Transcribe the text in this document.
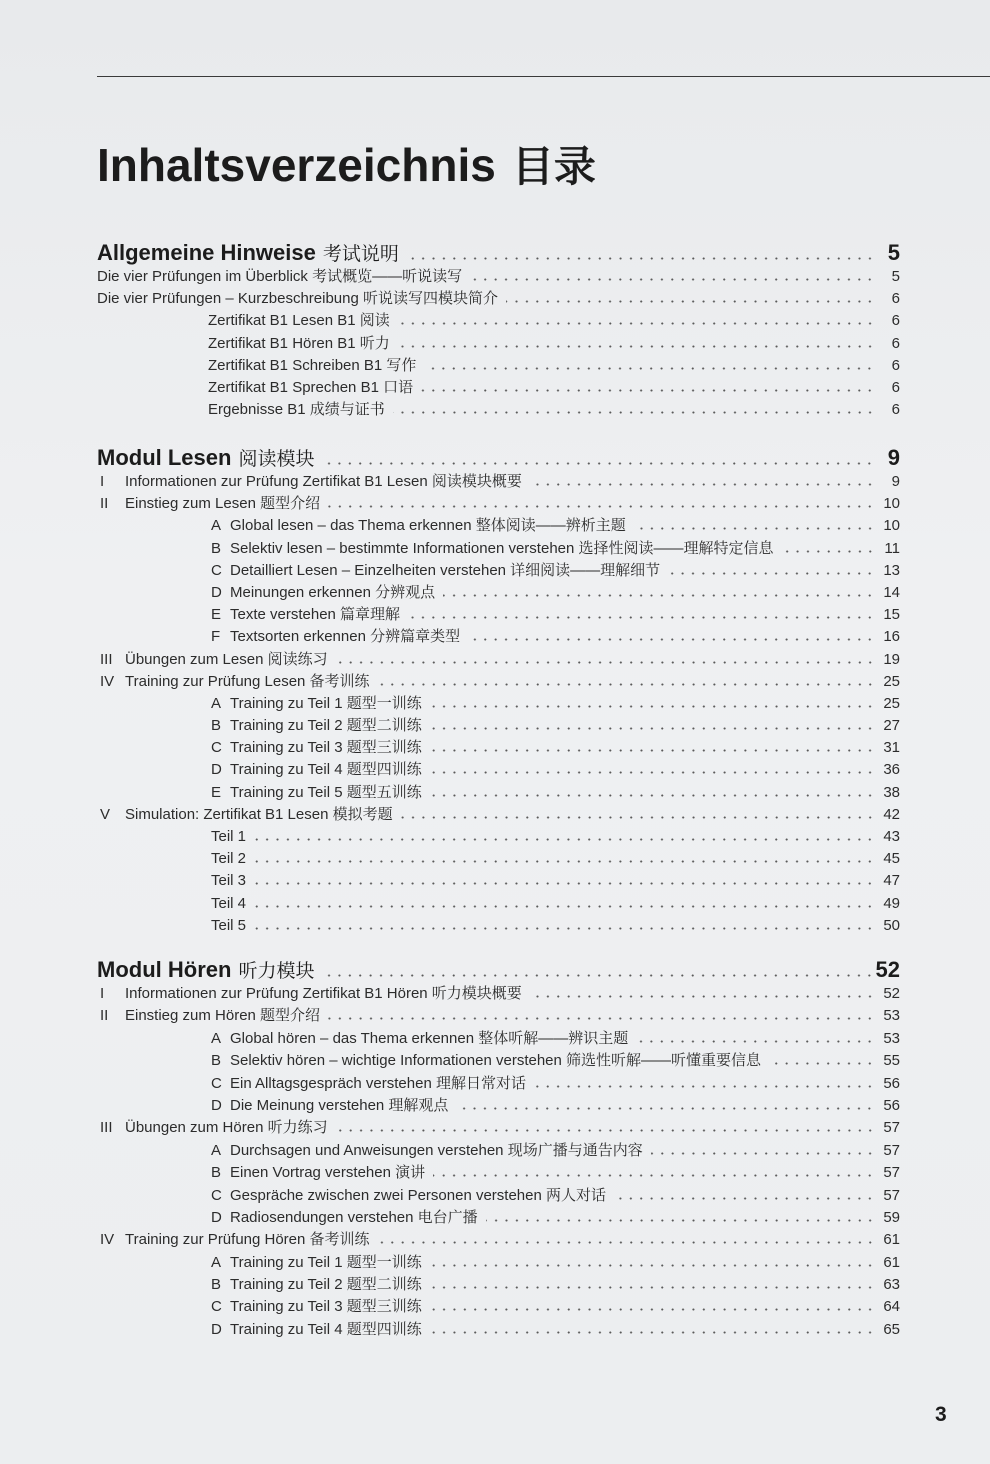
Inhaltsverzeichnis 目录
Allgemeine Hinweise 考试说明	5
Die vier Prüfungen im Überblick 考试概览——听说读写	5
Die vier Prüfungen – Kurzbeschreibung 听说读写四模块简介	6
Zertifikat B1 Lesen B1 阅读	6
Zertifikat B1 Hören B1 听力	6
Zertifikat B1 Schreiben B1 写作	6
Zertifikat B1 Sprechen B1 口语	6
Ergebnisse B1 成绩与证书	6
Modul Lesen 阅读模块	9
I	Informationen zur Prüfung Zertifikat B1 Lesen 阅读模块概要	9
II	Einstieg zum Lesen 题型介绍	10
A Global lesen – das Thema erkennen 整体阅读——辨析主题	10
B Selektiv lesen – bestimmte Informationen verstehen 选择性阅读——理解特定信息	11
C Detailliert Lesen – Einzelheiten verstehen 详细阅读——理解细节	13
D Meinungen erkennen 分辨观点	14
E Texte verstehen 篇章理解	15
F Textsorten erkennen 分辨篇章类型	16
III Übungen zum Lesen 阅读练习	19
IV Training zur Prüfung Lesen 备考训练	25
A Training zu Teil 1 题型一训练	25
B Training zu Teil 2 题型二训练	27
C Training zu Teil 3 题型三训练	31
D Training zu Teil 4 题型四训练	36
E Training zu Teil 5 题型五训练	38
V Simulation: Zertifikat B1 Lesen 模拟考题	42
Teil 1	43
Teil 2	45
Teil 3	47
Teil 4	49
Teil 5	50
Modul Hören 听力模块	52
I	Informationen zur Prüfung Zertifikat B1 Hören 听力模块概要	52
II	Einstieg zum Hören 题型介绍	53
A Global hören – das Thema erkennen 整体听解——辨识主题	53
B Selektiv hören – wichtige Informationen verstehen 筛选性听解——听懂重要信息	55
C Ein Alltagsgespräch verstehen 理解日常对话	56
D Die Meinung verstehen 理解观点	56
III Übungen zum Hören 听力练习	57
A Durchsagen und Anweisungen verstehen 现场广播与通告内容	57
B Einen Vortrag verstehen 演讲	57
C Gespräche zwischen zwei Personen verstehen 两人对话	57
D Radiosendungen verstehen 电台广播	59
IV Training zur Prüfung Hören 备考训练	61
A Training zu Teil 1 题型一训练	61
B Training zu Teil 2 题型二训练	63
C Training zu Teil 3 题型三训练	64
D Training zu Teil 4 题型四训练	65
3
